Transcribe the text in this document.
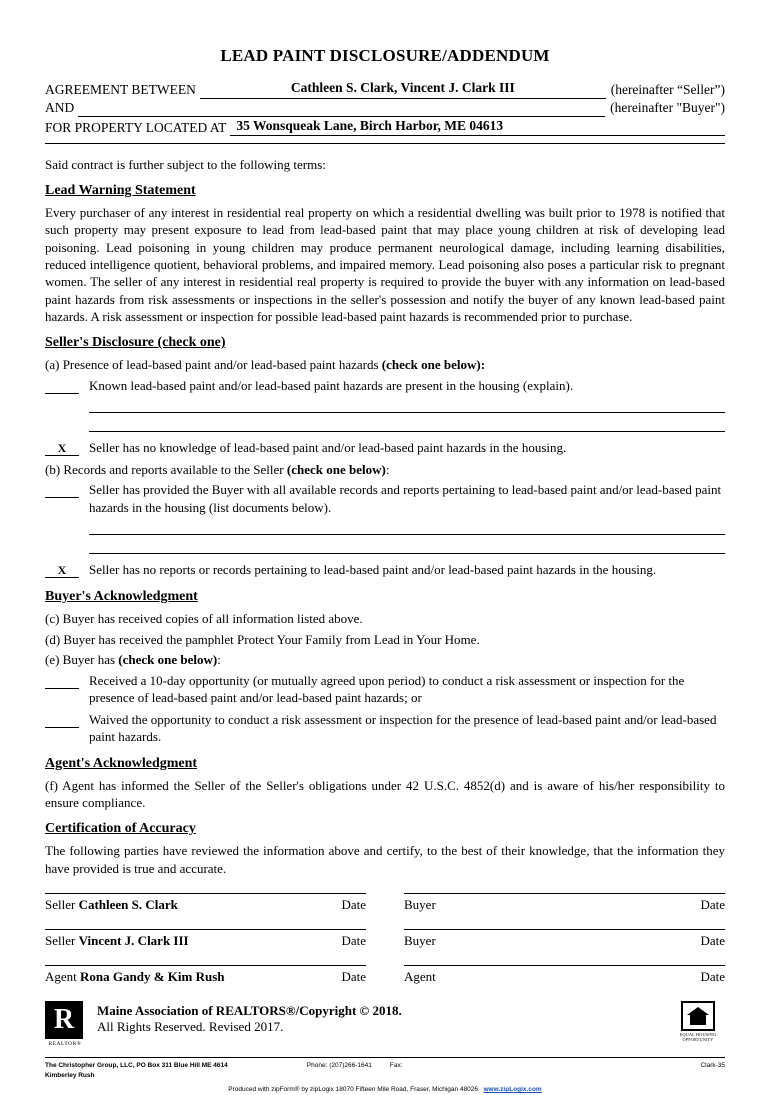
LEAD PAINT DISCLOSURE/ADDENDUM
AGREEMENT BETWEEN	Cathleen S. Clark, Vincent J. Clark III	(hereinafter “Seller”)
AND	(hereinafter "Buyer")
FOR PROPERTY LOCATED AT 35 Wonsqueak Lane, Birch Harbor, ME 04613
Said contract is further subject to the following terms:
Lead Warning Statement
Every purchaser of any interest in residential real property on which a residential dwelling was built prior to 1978 is notified that such property may present exposure to lead from lead-based paint that may place young children at risk of developing lead poisoning. Lead poisoning in young children may produce permanent neurological damage, including learning disabilities, reduced intelligence quotient, behavioral problems, and impaired memory. Lead poisoning also poses a particular risk to pregnant women. The seller of any interest in residential real property is required to provide the buyer with any information on lead-based paint hazards from risk assessments or inspections in the seller's possession and notify the buyer of any known lead-based paint hazards. A risk assessment or inspection for possible lead-based paint hazards is recommended prior to purchase.
Seller's Disclosure (check one)
(a) Presence of lead-based paint and/or lead-based paint hazards (check one below):
Known lead-based paint and/or lead-based paint hazards are present in the housing (explain).
X	Seller has no knowledge of lead-based paint and/or lead-based paint hazards in the housing.
(b) Records and reports available to the Seller (check one below):
Seller has provided the Buyer with all available records and reports pertaining to lead-based paint and/or lead-based paint hazards in the housing (list documents below).
X	Seller has no reports or records pertaining to lead-based paint and/or lead-based paint hazards in the housing.
Buyer's Acknowledgment
(c) Buyer has received copies of all information listed above.
(d) Buyer has received the pamphlet Protect Your Family from Lead in Your Home.
(e) Buyer has (check one below):
Received a 10-day opportunity (or mutually agreed upon period) to conduct a risk assessment or inspection for the presence of lead-based paint and/or lead-based paint hazards; or
Waived the opportunity to conduct a risk assessment or inspection for the presence of lead-based paint and/or lead-based paint hazards.
Agent's Acknowledgment
(f) Agent has informed the Seller of the Seller's obligations under 42 U.S.C. 4852(d) and is aware of his/her responsibility to ensure compliance.
Certification of Accuracy
The following parties have reviewed the information above and certify, to the best of their knowledge, that the information they have provided is true and accurate.
Seller Cathleen S. Clark	Date	Buyer	Date
Seller Vincent J. Clark III	Date	Buyer	Date
Agent Rona Gandy & Kim Rush	Date	Agent	Date
R
REALTOR®
Maine Association of REALTORS®/Copyright © 2018.
All Rights Reserved. Revised 2017.
EQUAL HOUSING OPPORTUNITY
The Christopher Group, LLC, PO Box 311 Blue Hill ME 4614	Phone: (207)266-1641	Fax:	Clark-35
Kimberley Rush
Produced with zipForm® by zipLogix 18070 Fifteen Mile Road, Fraser, Michigan 48026 www.zipLogix.com
